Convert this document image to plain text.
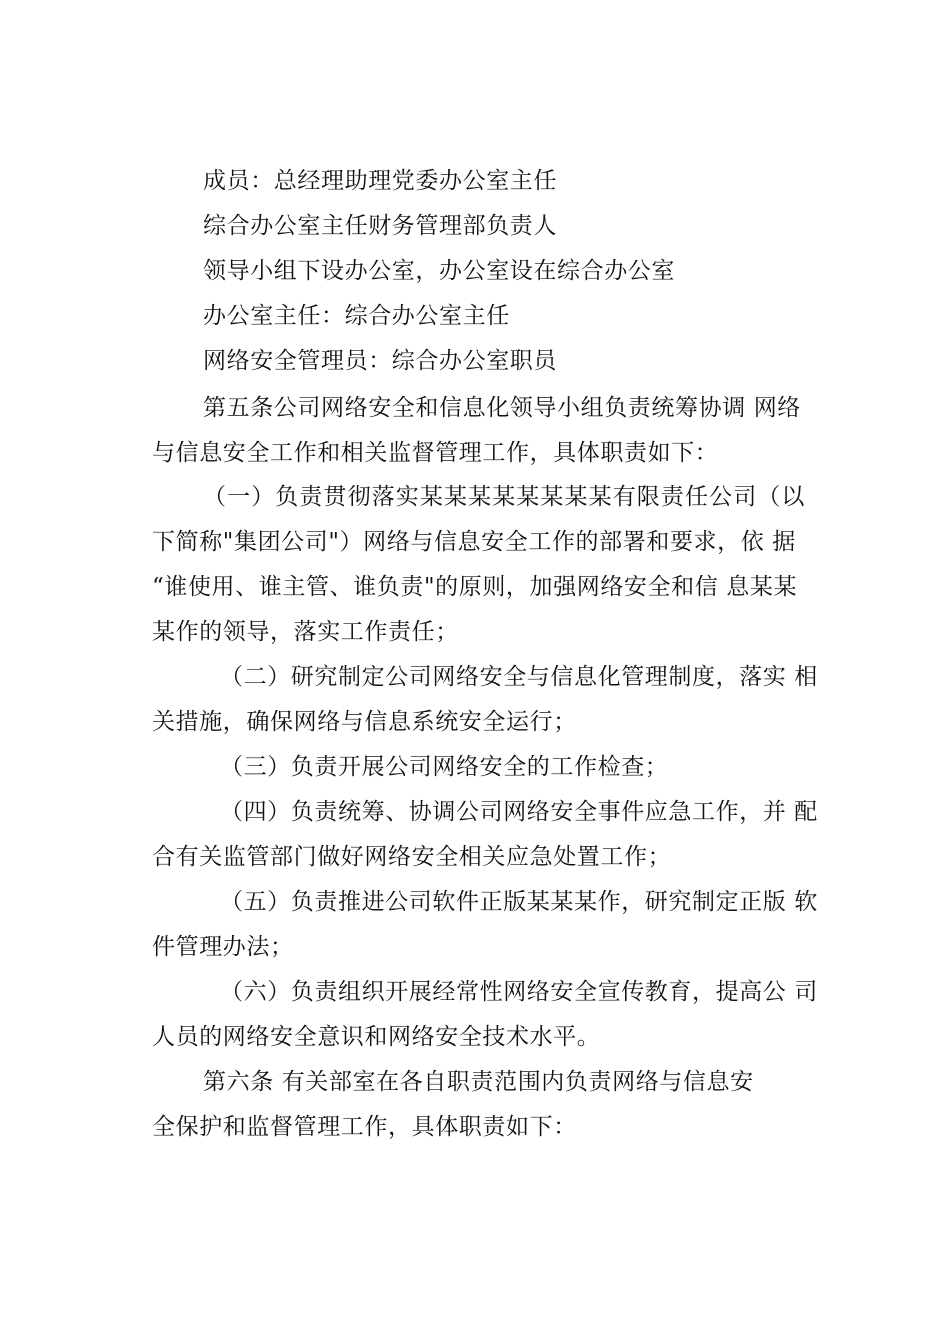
成员：总经理助理党委办公室主任
综合办公室主任财务管理部负责人
领导小组下设办公室，办公室设在综合办公室
办公室主任：综合办公室主任
网络安全管理员：综合办公室职员
第五条公司网络安全和信息化领导小组负责统筹协调 网络
与信息安全工作和相关监督管理工作，具体职责如下：
（一）负责贯彻落实某某某某某某某某有限责任公司（以
下简称"集团公司"）网络与信息安全工作的部署和要求，依 据
“谁使用、谁主管、谁负责"的原则，加强网络安全和信 息某某
某作的领导，落实工作责任；
（二）研究制定公司网络安全与信息化管理制度，落实 相
关措施，确保网络与信息系统安全运行；
（三）负责开展公司网络安全的工作检查；
（四）负责统筹、协调公司网络安全事件应急工作，并 配
合有关监管部门做好网络安全相关应急处置工作；
（五）负责推进公司软件正版某某某作，研究制定正版 软
件管理办法；
（六）负责组织开展经常性网络安全宣传教育，提高公 司
人员的网络安全意识和网络安全技术水平。
第六条 有关部室在各自职责范围内负责网络与信息安
全保护和监督管理工作，具体职责如下：
